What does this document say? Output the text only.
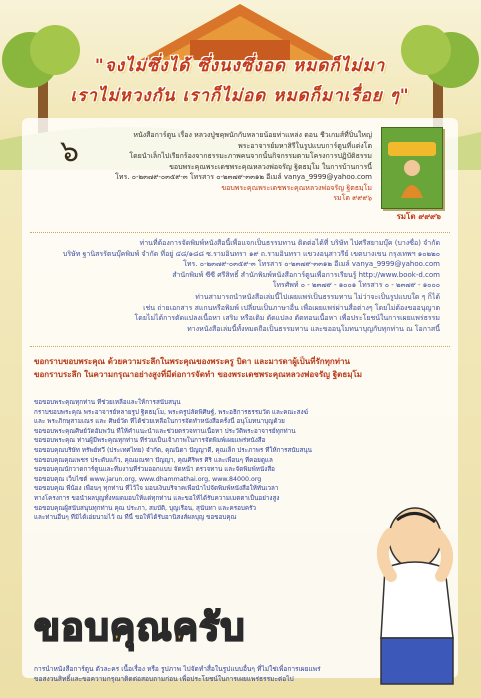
"จงไม่ซึ่งได้ ซึ่งนงซึ่งอด หมดก็ไม่มา
เราไม่หวงกัน เราก็ไม่อด หมดก็มาเรื่อย ๆ"
๖	หนังสือการ์ตูน เรื่อง หลวงปู่ชคุพนักกับหลายน้อยท่าแหล่ง ตอน ชีวเกมส์ที่ปิ่นใหญ่
พระอาจารย์มหาสิรีในรูปแบบการ์ตูนที่แต่งโต
โดยนำเล็กไปเรียกร้องจากธรรมะภาพคนจากนั้นกิจกรรมตามโครงการปฏิบัติธรรม
ขอบพระคุณพระเดชพระคุณหลวงพ่อจรัญ ฐิตธมฺโม ในการบ้านการนี้
โทร. ๐-๒๓๗๙-๐๓๕๙-๓ โทรสาร ๐-๒๓๗๙-๓๓๑๒ อีเมล์ vanya_9999@yahoo.com
ขอบพระคุณพระเดชพระคุณหลวงพ่อจรัญ ฐิตธมฺโม
รมโต ๙๙๙๖
รมโต ๙๙๙๖
ท่านที่ต้องการจัดพิมพ์หนังสือนี้เพื่อแจกเป็นธรรมทาน ติดต่อได้ที่ บริษัท ไปศรีสยามบุ๊ค (บางซื่อ) จำกัด
บริษัท ฐานิสรรัตนบุ๊คพิมพ์ จำกัด ที่อยู่ ๔๘/๑๘๘ ซ.รามอินทรา ๑๙ ถ.รามอินทรา แขวงอนุสาวรีย์ เขตบางเขน กรุงเทพฯ ๑๐๒๒๐
โทร. ๐-๒๓๗๙-๐๓๕๙-๓ โทรสาร ๐-๒๓๗๙-๓๓๑๒ อีเมล์ vanya_9999@yahoo.com
สำนักพิมพ์ ซีซี ศรีสิทธิ์ สำนักพิมพ์หนังสือการ์ตูนเพื่อการเรียนรู้ http://www.book-d.com
โทรศัพท์ ๐ - ๒๓๗๙ - ๑๐๐๑ โทรสาร ๐ - ๒๓๗๙ - ๑๐๐๐
ท่านสามารถนำหนังสือเล่มนี้ไปเผยแพร่เป็นธรรมทาน ไม่ว่าจะเป็นรูปแบบใด ๆ ก็ได้
เช่น ถ่ายเอกสาร สแกนหรือพิมพ์ เปลี่ยนเป็นภาษาอื่น เพื่อเผยแพร่ผ่านสื่อต่างๆ โดยไม่ต้องขออนุญาต
โดยไม่ได้การตัดแปลงเนื้อหา เสริม หรือเติม ดัดแปลง ตัดทอนเนื้อหา เพื่อประโยชน์ในการเผยแพร่ธรรม
ทางหนังสือเล่มนี้ทั้งหมดถือเป็นธรรมทาน และขออนุโมทนาบุญกับทุกท่าน ณ โอกาสนี้
ขอกราบขอบพระคุณ ด้วยความระลึกในพระคุณของพระครู บิดา และมารดาผู้เป็นที่รักทุกท่าน
ขอกราบระลึก ในความกรุณาอย่างสูงที่มีต่อการจัดทำ ของพระเดชพระคุณหลวงพ่อจรัญ ฐิตธมฺโม
ขอขอบพระคุณทุกท่าน ที่ช่วยเหลือและให้การสนับสนุน
กราบขอบพระคุณ พระอาจารย์หลายรูป ฐิตธมฺโม, พระครูปลัดพิศิษฐ์, พระอธิการธรรมวัด และคณะสงฆ์
และ พระภิกษุสามเณร และ ศิษย์วัด ที่ได้ช่วยเหลือในการจัดทำหนังสือครั้งนี้ อนุโมทนาบุญด้วย
ขอขอบพระคุณศิษย์วัดอัมพวัน ที่ให้คำแนะนำและช่วยตรวจทานเนื้อหา ประวัติพระอาจารย์ทุกท่าน
ขอขอบพระคุณ ท่านผู้มีพระคุณทุกท่าน ที่ร่วมเป็นเจ้าภาพในการจัดพิมพ์เผยแพร่หนังสือ
ขอขอบคุณบริษัท ทรัพย์ทวี (ประเทศไทย) จำกัด, คุณนิดา ปัญญาดี, คุณเล็ก ประภาพร ที่ให้การสนับสนุน
ขอขอบคุณคุณเพชร ประดับแก้ว, คุณมณฑา ปัญญา, คุณศิริพร ศิริ และเพื่อนๆ ที่คอยดูแล
ขอขอบคุณนักวาดการ์ตูนและทีมงานที่ร่วมออกแบบ จัดหน้า ตรวจทาน และจัดพิมพ์หนังสือ
ขอขอบคุณ เว็บไซต์ www.jarun.org, www.dhammathai.org, www.84000.org
ขอขอบคุณ พี่น้อง เพื่อนๆ ทุกท่าน ที่ไว้ใจ มอบเงินบริจาคเพื่อนำไปจัดพิมพ์หนังสือให้ทันเวลา
ทางโครงการ ขอนำผลบุญทั้งหมดมอบให้แด่ทุกท่าน และขอให้ได้รับความเมตตาเป็นอย่างสูง
ขอขอบคุณผู้สนับสนุนทุกท่าน คุณ ประภา, สมบัติ, บุญเรือน, สุนันทา และครอบครัว
และท่านอื่นๆ ที่มิได้เอ่ยนามไว้ ณ ที่นี้ ขอให้ได้รับอานิสงส์ผลบุญ ขอขอบคุณ
ขอบคุณครับ
การนำหนังสือการ์ตูน ตัวละคร เนื้อเรื่อง หรือ รูปภาพ ไปจัดทำสื่อในรูปแบบอื่นๆ ที่ไม่ใช่เพื่อการเผยแพร่
ขอสงวนสิทธิ์และขอความกรุณาติดต่อสอบถามก่อน เพื่อประโยชน์ในการเผยแพร่ธรรมะต่อไป
